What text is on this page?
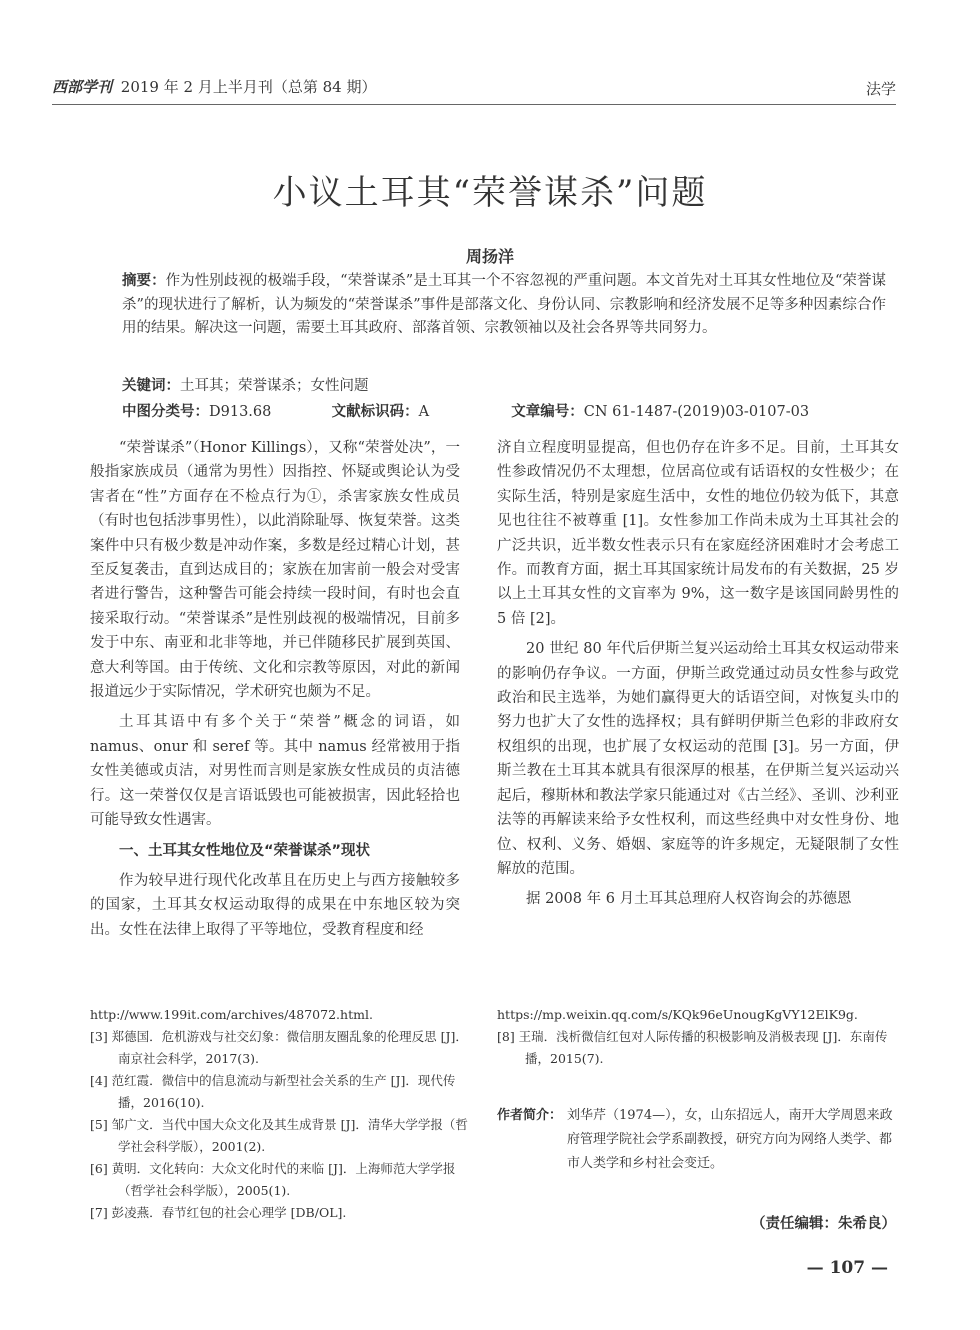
西部学刊 2019 年 2 月上半月刊（总第 84 期）	法学
小议土耳其“荣誉谋杀”问题
周扬洋
摘要：作为性别歧视的极端手段，“荣誉谋杀”是土耳其一个不容忽视的严重问题。本文首先对土耳其女性地位及“荣誉谋杀”的现状进行了解析，认为频发的“荣誉谋杀”事件是部落文化、身份认同、宗教影响和经济发展不足等多种因素综合作用的结果。解决这一问题，需要土耳其政府、部落首领、宗教领袖以及社会各界等共同努力。
关键词：土耳其；荣誉谋杀；女性问题
中图分类号：D913.68	文献标识码：A	文章编号：CN 61-1487-(2019)03-0107-03

“荣誉谋杀”（Honor Killings），又称“荣誉处决”，一般指家族成员（通常为男性）因指控、怀疑或舆论认为受害者在“性”方面存在不检点行为①，杀害家族女性成员（有时也包括涉事男性），以此消除耻辱、恢复荣誉。这类案件中只有极少数是冲动作案，多数是经过精心计划，甚至反复袭击，直到达成目的；家族在加害前一般会对受害者进行警告，这种警告可能会持续一段时间，有时也会直接采取行动。“荣誉谋杀”是性别歧视的极端情况，目前多发于中东、南亚和北非等地，并已伴随移民扩展到英国、意大利等国。由于传统、文化和宗教等原因，对此的新闻报道远少于实际情况，学术研究也颇为不足。

土耳其语中有多个关于“荣誉”概念的词语，如namus、onur 和 seref 等。其中 namus 经常被用于指女性美德或贞洁，对男性而言则是家族女性成员的贞洁德行。这一荣誉仅仅是言语诋毁也可能被损害，因此轻拾也可能导致女性遇害。

一、土耳其女性地位及“荣誉谋杀”现状

作为较早进行现代化改革且在历史上与西方接触较多的国家，土耳其女权运动取得的成果在中东地区较为突出。女性在法律上取得了平等地位，受教育程度和经

济自立程度明显提高，但也仍存在许多不足。目前，土耳其女性参政情况仍不太理想，位居高位或有话语权的女性极少；在实际生活，特别是家庭生活中，女性的地位仍较为低下，其意见也往往不被尊重 [1]。女性参加工作尚未成为土耳其社会的广泛共识，近半数女性表示只有在家庭经济困难时才会考虑工作。而教育方面，据土耳其国家统计局发布的有关数据，25 岁以上土耳其女性的文盲率为 9%，这一数字是该国同龄男性的 5 倍 [2]。

20 世纪 80 年代后伊斯兰复兴运动给土耳其女权运动带来的影响仍存争议。一方面，伊斯兰政党通过动员女性参与政党政治和民主选举，为她们赢得更大的话语空间，对恢复头巾的努力也扩大了女性的选择权；具有鲜明伊斯兰色彩的非政府女权组织的出现，也扩展了女权运动的范围 [3]。另一方面，伊斯兰教在土耳其本就具有很深厚的根基，在伊斯兰复兴运动兴起后，穆斯林和教法学家只能通过对《古兰经》、圣训、沙利亚法等的再解读来给予女性权利，而这些经典中对女性身份、地位、权利、义务、婚姻、家庭等的许多规定，无疑限制了女性解放的范围。

据 2008 年 6 月土耳其总理府人权咨询会的苏德恩

http://www.199it.com/archives/487072.html.

[3] 郑德国．危机游戏与社交幻象：微信朋友圈乱象的伦理反思 [J]．南京社会科学，2017(3).

[4] 范红霞．微信中的信息流动与新型社会关系的生产 [J]．现代传播，2016(10).

[5] 邹广文．当代中国大众文化及其生成背景 [J]．清华大学学报（哲学社会科学版），2001(2).

[6] 黄明．文化转向：大众文化时代的来临 [J]．上海师范大学学报（哲学社会科学版），2005(1).

[7] 彭凌燕．春节红包的社会心理学 [DB/OL].

https://mp.weixin.qq.com/s/KQk96eUnougKgVY12ElK9g.

[8] 王瑞．浅析微信红包对人际传播的积极影响及消极表现 [J]．东南传播，2015(7).

作者简介： 刘华芹（1974—），女，山东招远人，南开大学周恩来政府管理学院社会学系副教授，研究方向为网络人类学、都市人类学和乡村社会变迁。
（责任编辑：朱希良）
— 107 —
